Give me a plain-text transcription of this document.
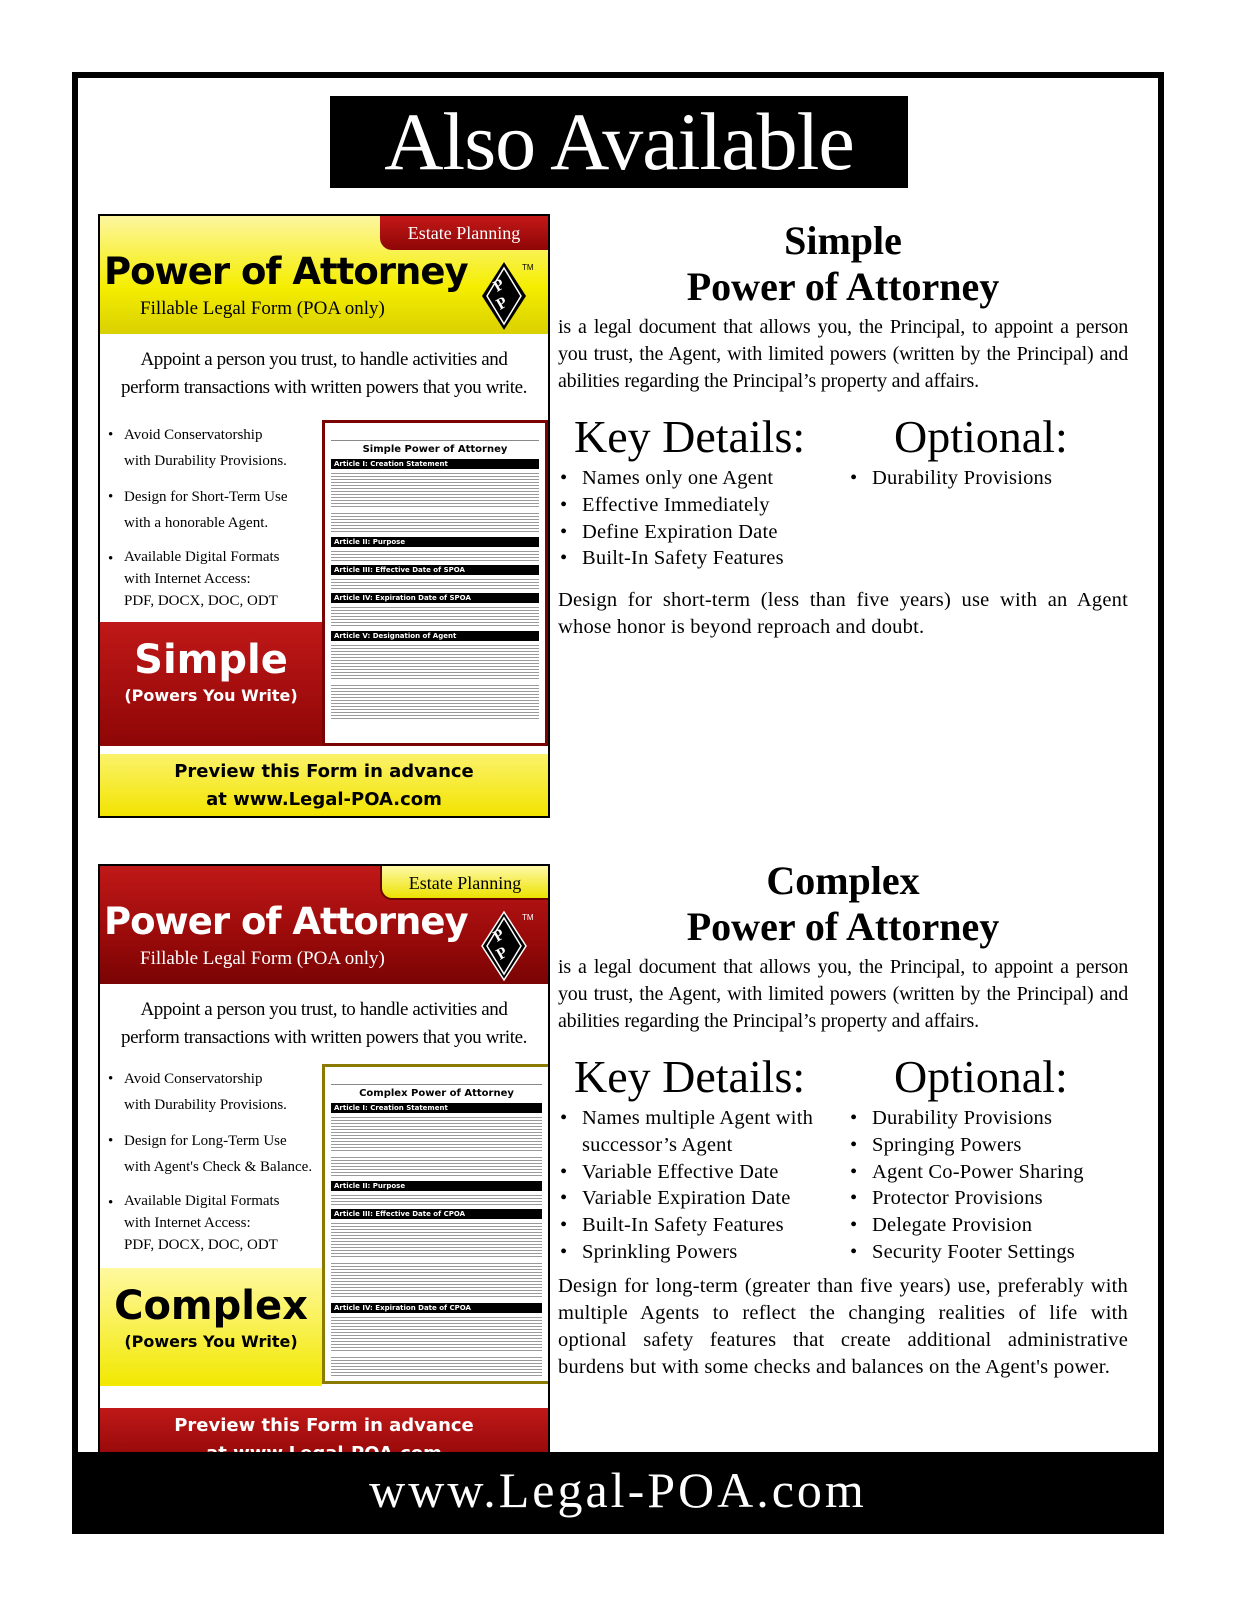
Also Available
Estate Planning
Power of Attorney
Fillable Legal Form (POA only)
P
P
TM
Appoint a person you trust, to handle activities and
perform transactions with written powers that you write.
• Avoid Conservatorship
with Durability Provisions.
• Design for Short-Term Use
with a honorable Agent.
• Available Digital Formats
with Internet Access:
PDF, DOCX, DOC, ODT
Simple Power of Attorney
Article I: Creation Statement
Article II: Purpose
Article III: Effective Date of SPOA
Article IV: Expiration Date of SPOA
Article V: Designation of Agent
Simple
(Powers You Write)
Preview this Form in advance
at www.Legal-POA.com
Simple
Power of Attorney

is a legal document that allows you, the Principal, to appoint a person you trust, the Agent, with limited powers (written by the Principal) and abilities regarding the Principal’s property and affairs.

Key Details:
• Names only one Agent
• Effective Immediately
• Define Expiration Date
• Built-In Safety Features
Optional:
• Durability Provisions

Design for short-term (less than five years) use with an Agent whose honor is beyond reproach and doubt.

Estate Planning
Power of Attorney
Fillable Legal Form (POA only)
P
P
TM
Appoint a person you trust, to handle activities and
perform transactions with written powers that you write.
• Avoid Conservatorship
with Durability Provisions.
• Design for Long-Term Use
with Agent's Check & Balance.
• Available Digital Formats
with Internet Access:
PDF, DOCX, DOC, ODT
Complex Power of Attorney
Article I: Creation Statement
Article II: Purpose
Article III: Effective Date of CPOA
Article IV: Expiration Date of CPOA
Complex
(Powers You Write)
Preview this Form in advance
Complex
Power of Attorney

is a legal document that allows you, the Principal, to appoint a person you trust, the Agent, with limited powers (written by the Principal) and abilities regarding the Principal’s property and affairs.

Key Details:
• Names multiple Agent with successor’s Agent
• Variable Effective Date
• Variable Expiration Date
• Built-In Safety Features
• Sprinkling Powers
Optional:
• Durability Provisions
• Springing Powers
• Agent Co-Power Sharing
• Protector Provisions
• Delegate Provision
• Security Footer Settings

Design for long-term (greater than five years) use, preferably with multiple Agents to reflect the changing realities of life with optional safety features that create additional administrative burdens but with some checks and balances on the Agent's power.

www.Legal-POA.com
